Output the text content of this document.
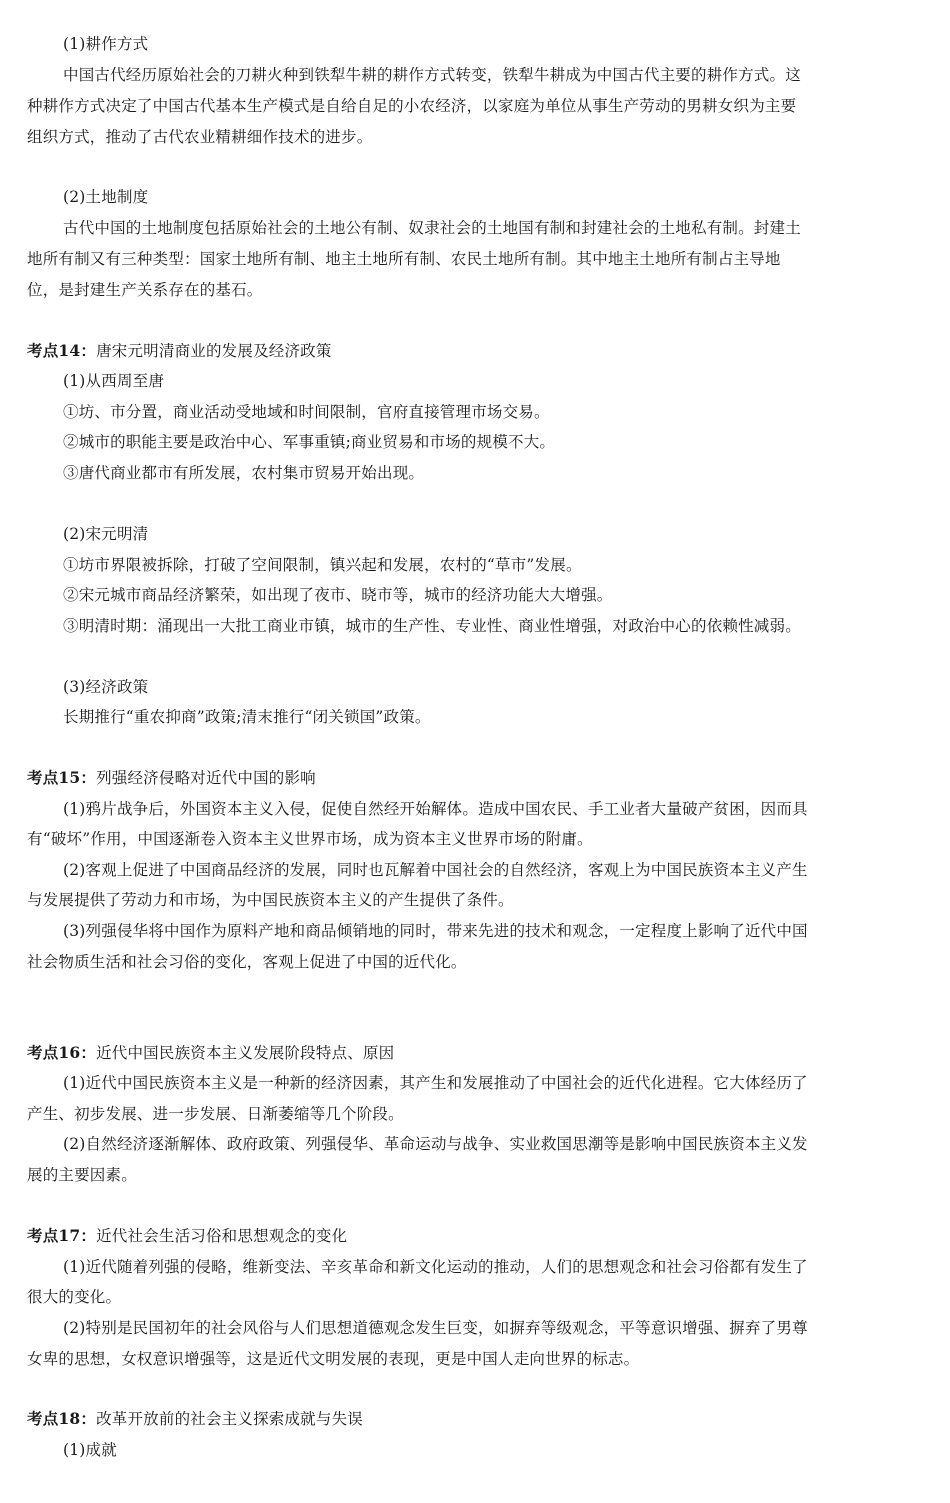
(1)耕作方式
中国古代经历原始社会的刀耕火种到铁犁牛耕的耕作方式转变，铁犁牛耕成为中国古代主要的耕作方式。这
种耕作方式决定了中国古代基本生产模式是自给自足的小农经济，以家庭为单位从事生产劳动的男耕女织为主要
组织方式，推动了古代农业精耕细作技术的进步。
(2)土地制度
古代中国的土地制度包括原始社会的土地公有制、奴隶社会的土地国有制和封建社会的土地私有制。封建土
地所有制又有三种类型：国家土地所有制、地主土地所有制、农民土地所有制。其中地主土地所有制占主导地
位，是封建生产关系存在的基石。
考点14：唐宋元明清商业的发展及经济政策
(1)从西周至唐
①坊、市分置，商业活动受地域和时间限制，官府直接管理市场交易。
②城市的职能主要是政治中心、军事重镇;商业贸易和市场的规模不大。
③唐代商业都市有所发展，农村集市贸易开始出现。
(2)宋元明清
①坊市界限被拆除，打破了空间限制，镇兴起和发展，农村的“草市”发展。
②宋元城市商品经济繁荣，如出现了夜市、晓市等，城市的经济功能大大增强。
③明清时期：涌现出一大批工商业市镇，城市的生产性、专业性、商业性增强，对政治中心的依赖性减弱。
(3)经济政策
长期推行“重农抑商”政策;清末推行“闭关锁国”政策。
考点15：列强经济侵略对近代中国的影响
(1)鸦片战争后，外国资本主义入侵，促使自然经开始解体。造成中国农民、手工业者大量破产贫困，因而具
有“破坏”作用，中国逐渐卷入资本主义世界市场，成为资本主义世界市场的附庸。
(2)客观上促进了中国商品经济的发展，同时也瓦解着中国社会的自然经济，客观上为中国民族资本主义产生
与发展提供了劳动力和市场，为中国民族资本主义的产生提供了条件。
(3)列强侵华将中国作为原料产地和商品倾销地的同时，带来先进的技术和观念，一定程度上影响了近代中国
社会物质生活和社会习俗的变化，客观上促进了中国的近代化。
考点16：近代中国民族资本主义发展阶段特点、原因
(1)近代中国民族资本主义是一种新的经济因素，其产生和发展推动了中国社会的近代化进程。它大体经历了
产生、初步发展、进一步发展、日渐萎缩等几个阶段。
(2)自然经济逐渐解体、政府政策、列强侵华、革命运动与战争、实业救国思潮等是影响中国民族资本主义发
展的主要因素。
考点17：近代社会生活习俗和思想观念的变化
(1)近代随着列强的侵略，维新变法、辛亥革命和新文化运动的推动，人们的思想观念和社会习俗都有发生了
很大的变化。
(2)特别是民国初年的社会风俗与人们思想道德观念发生巨变，如摒弃等级观念，平等意识增强、摒弃了男尊
女卑的思想，女权意识增强等，这是近代文明发展的表现，更是中国人走向世界的标志。
考点18：改革开放前的社会主义探索成就与失误
(1)成就
